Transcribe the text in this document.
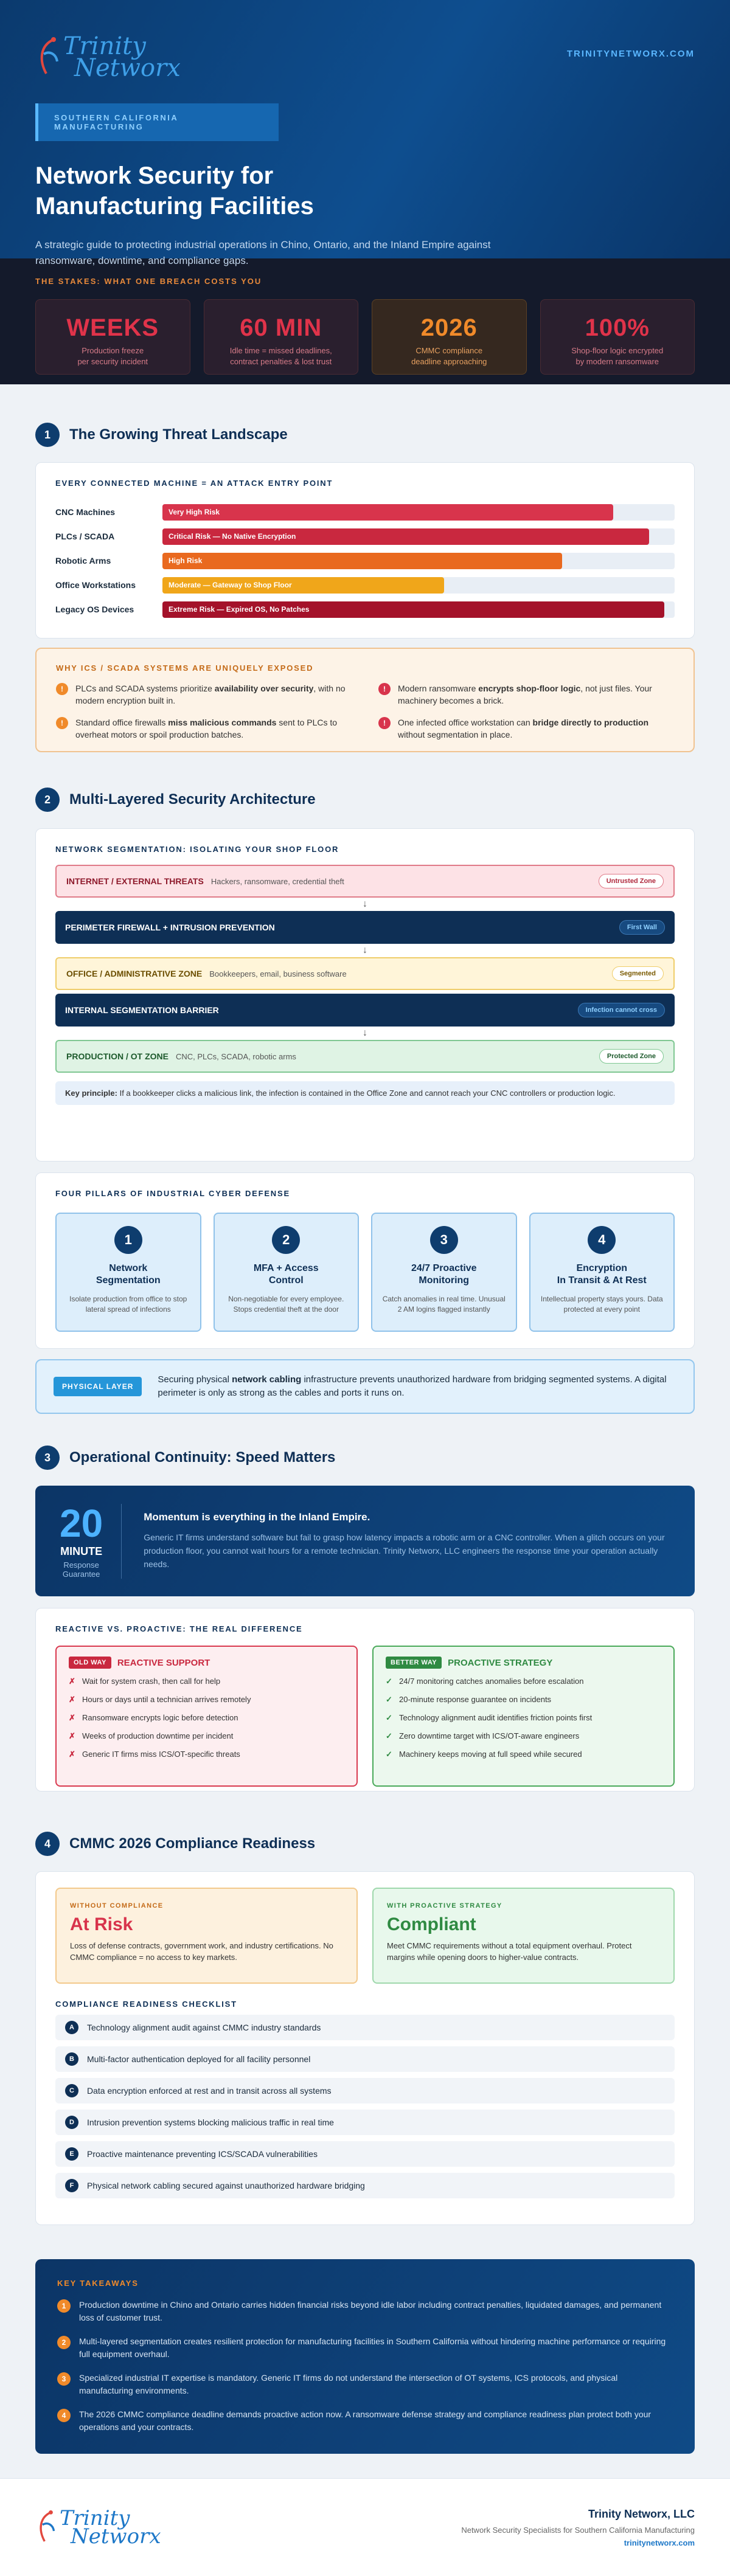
Trinity
Networx
TRINITYNETWORX.COM
SOUTHERN CALIFORNIA MANUFACTURING
Network Security for
Manufacturing Facilities

A strategic guide to protecting industrial operations in Chino, Ontario, and the Inland Empire against ransomware, downtime, and compliance gaps.

THE STAKES: WHAT ONE BREACH COSTS YOU
WEEKS
Production freeze
per security incident
60 MIN
Idle time = missed deadlines,
contract penalties & lost trust
2026
CMMC compliance
deadline approaching
100%
Shop-floor logic encrypted
by modern ransomware
1	The Growing Threat Landscape
EVERY CONNECTED MACHINE = AN ATTACK ENTRY POINT
CNC Machines	Very High Risk
PLCs / SCADA	Critical Risk — No Native Encryption
Robotic Arms	High Risk
Office Workstations	Moderate — Gateway to Shop Floor
Legacy OS Devices	Extreme Risk — Expired OS, No Patches
WHY ICS / SCADA SYSTEMS ARE UNIQUELY EXPOSED
!	PLCs and SCADA systems prioritize availability over security, with no modern encryption built in.
!	Modern ransomware encrypts shop-floor logic, not just files. Your machinery becomes a brick.
!	Standard office firewalls miss malicious commands sent to PLCs to overheat motors or spoil production batches.
!	One infected office workstation can bridge directly to production without segmentation in place.
2	Multi-Layered Security Architecture
NETWORK SEGMENTATION: ISOLATING YOUR SHOP FLOOR
INTERNET / EXTERNAL THREATS Hackers, ransomware, credential theft	Untrusted Zone
↓
PERIMETER FIREWALL + INTRUSION PREVENTION	First Wall
↓
OFFICE / ADMINISTRATIVE ZONE Bookkeepers, email, business software	Segmented
INTERNAL SEGMENTATION BARRIER	Infection cannot cross
↓
PRODUCTION / OT ZONE CNC, PLCs, SCADA, robotic arms	Protected Zone
Key principle: If a bookkeeper clicks a malicious link, the infection is contained in the Office Zone and cannot reach your CNC controllers or production logic.
FOUR PILLARS OF INDUSTRIAL CYBER DEFENSE
1
Network
Segmentation
Isolate production from office to stop lateral spread of infections
2
MFA + Access
Control
Non-negotiable for every employee. Stops credential theft at the door
3
24/7 Proactive
Monitoring
Catch anomalies in real time. Unusual 2 AM logins flagged instantly
4
Encryption
In Transit & At Rest
Intellectual property stays yours. Data protected at every point
PHYSICAL LAYER
Securing physical network cabling infrastructure prevents unauthorized hardware from bridging segmented systems. A digital perimeter is only as strong as the cables and ports it runs on.
3	Operational Continuity: Speed Matters
20
MINUTE
Response Guarantee
Momentum is everything in the Inland Empire.
Generic IT firms understand software but fail to grasp how latency impacts a robotic arm or a CNC controller. When a glitch occurs on your production floor, you cannot wait hours for a remote technician. Trinity Networx, LLC engineers the response time your operation actually needs.
REACTIVE VS. PROACTIVE: THE REAL DIFFERENCE
OLD WAY	REACTIVE SUPPORT
✗ Wait for system crash, then call for help
✗ Hours or days until a technician arrives remotely
✗ Ransomware encrypts logic before detection
✗ Weeks of production downtime per incident
✗ Generic IT firms miss ICS/OT-specific threats
BETTER WAY	PROACTIVE STRATEGY
✓ 24/7 monitoring catches anomalies before escalation
✓ 20-minute response guarantee on incidents
✓ Technology alignment audit identifies friction points first
✓ Zero downtime target with ICS/OT-aware engineers
✓ Machinery keeps moving at full speed while secured
4	CMMC 2026 Compliance Readiness
WITHOUT COMPLIANCE
At Risk
Loss of defense contracts, government work, and industry certifications. No CMMC compliance = no access to key markets.
WITH PROACTIVE STRATEGY
Compliant
Meet CMMC requirements without a total equipment overhaul. Protect margins while opening doors to higher-value contracts.
COMPLIANCE READINESS CHECKLIST
A	Technology alignment audit against CMMC industry standards
B	Multi-factor authentication deployed for all facility personnel
C	Data encryption enforced at rest and in transit across all systems
D	Intrusion prevention systems blocking malicious traffic in real time
E	Proactive maintenance preventing ICS/SCADA vulnerabilities
F	Physical network cabling secured against unauthorized hardware bridging
KEY TAKEAWAYS
1	Production downtime in Chino and Ontario carries hidden financial risks beyond idle labor including contract penalties, liquidated damages, and permanent loss of customer trust.
2	Multi-layered segmentation creates resilient protection for manufacturing facilities in Southern California without hindering machine performance or requiring full equipment overhaul.
3	Specialized industrial IT expertise is mandatory. Generic IT firms do not understand the intersection of OT systems, ICS protocols, and physical manufacturing environments.
4	The 2026 CMMC compliance deadline demands proactive action now. A ransomware defense strategy and compliance readiness plan protect both your operations and your contracts.
Trinity
Networx
Trinity Networx, LLC
Network Security Specialists for Southern California Manufacturing
trinitynetworx.com
